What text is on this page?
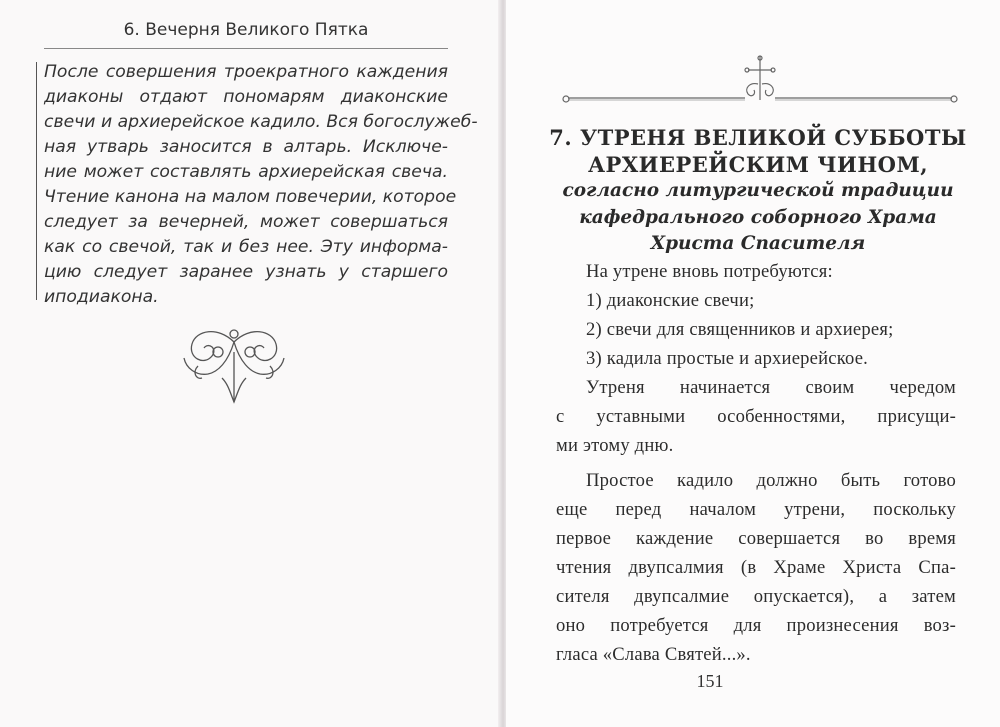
6. Вечерня Великого Пятка
После совершения троекратного каждения
диаконы отдают пономарям диаконские
свечи и архиерейское кадило. Вся богослужеб-
ная утварь заносится в алтарь. Исключе-
ние может составлять архиерейская свеча.
Чтение канона на малом повечерии, которое
следует за вечерней, может совершаться
как со свечой, так и без нее. Эту информа-
цию следует заранее узнать у старшего
иподиакона.
7. УТРЕНЯ ВЕЛИКОЙ СУББОТЫ
АРХИЕРЕЙСКИМ ЧИНОМ,
согласно литургической традиции
кафедрального соборного Храма
Христа Спасителя
На утрене вновь потребуются:
1) диаконские свечи;
2) свечи для священников и архиерея;
3) кадила простые и архиерейское.
Утреня начинается своим чередом
с уставными особенностями, присущи-
ми этому дню.
Простое кадило должно быть готово
еще перед началом утрени, поскольку
первое каждение совершается во время
чтения двупсалмия (в Храме Христа Спа-
сителя двупсалмие опускается), а затем
оно потребуется для произнесения воз-
гласа «Слава Святей...».
151
